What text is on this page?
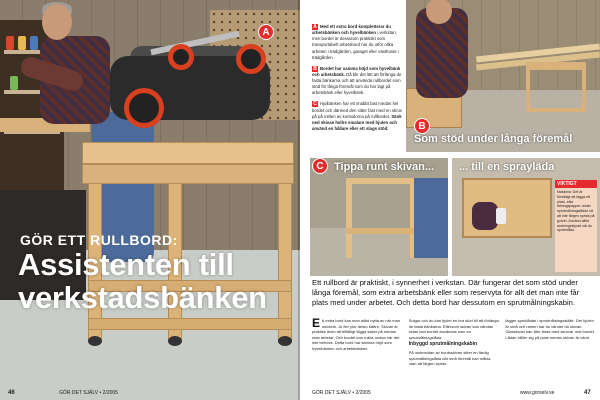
A
GÖR ETT RULLBORD:
Assistenten till verkstadsbänken
46	GÖR DET SJÄLV • 2/2005

A Med ett extra bord kompletterar du arbetsbänken och hyvelbänken i verkstan, men bordet är dessutom praktiskt som transportabelt arbetsbord nar du utför olika arbeten i trädgården, garaget eller växthuset i trädgården.

B Bordet har samma höjd som hyvelbänk och arbetsbänk. Då blir det lätt att förlänga de fasta bänkarna och att använda rullbordet som stöd för långa föremål som du har lagt på arbetsbänk eller hyvelbänk.

C Hjulbänken har ett snabbt fast medan hel bordet och därmed den sitter fast med en skruv på på mitten av kortsidorna på rullbordet. Sänk ned skivan hellre smalare med hjulen och använd en hållare eller ett slags stöd.	B
Som stöd under långa föremål
C Tippa runt skivan... ... till en sprayläda
VIKTIGT
Maskera: Det är försiktigt att lägga ett plast- eller tidningspapper under sprutmålningslådan så att inte färgen sprids på golvet. Använd alltid andningsskydd när du sprutmålar.
Ett rullbord är praktiskt, i synnerhet i verkstan. Där fungerar det som stöd under långa föremål, som extra arbetsbänk eller som reservyta för allt det man inte får plats med under arbetet. Och detta bord har dessutom en sprutmålningskabin.
Ett extra bord kan man alltid nytta av när man snickrar. Ju fler ytor desto bättre. Skivan är praktisk även att tillfälligt lägga saker på medan man arbetar. Och bordet kan rullas undan när det inte behövs. Detta bord har samma höjd som hyvelbänken och arbetsbänken.
Snigar och du kan hjulet en bra stöd till att förlänga de fasta bänkarna. Eftersom skivan kan vändas sidan kan bordet användas som en sprutmålningslåda.
Inbyggd sprutmålningskabin
På undersidan av bordsskivan sitter en färdig sprutmålningslåda där små föremål kan målas utan att färgen sprids.
lägger sprutlådan i sprutmålningsställe. Det hjulen är små och ramen har du vänder du skivan. Glasskivan kan åter ända med skruvar mot bordet. Lådan håller sig på plats medan skivan är vänd.
GÖR DET SJÄLV • 2/2005	www.gorselv.se	47
